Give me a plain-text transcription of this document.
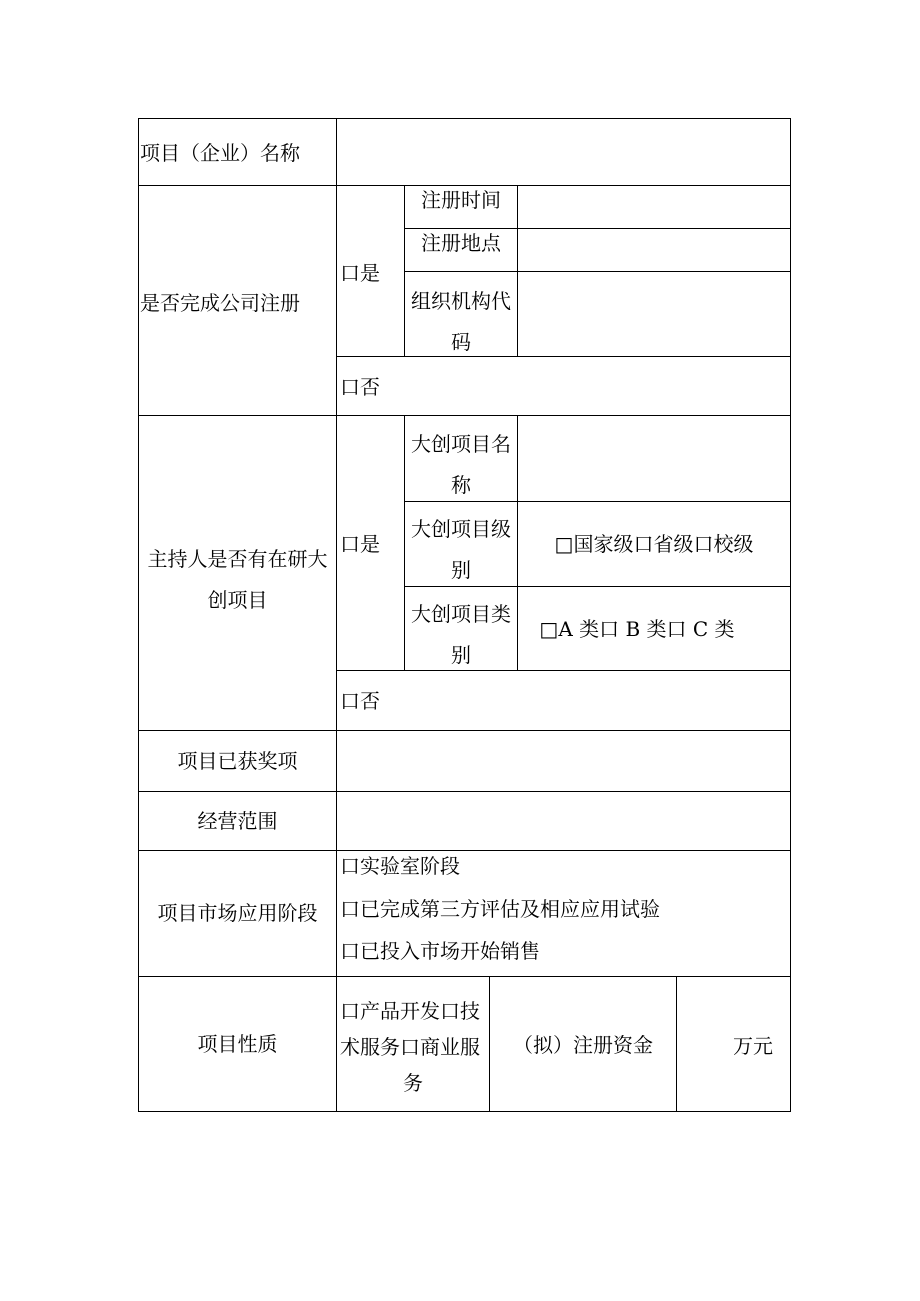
项目（企业）名称
是否完成公司注册
口是
注册时间
注册地点
组织机构代
码
口否
主持人是否有在研大
创项目
口是
大创项目名
称
大创项目级
别
□国家级口省级口校级
大创项目类
别
□A 类口 B 类口 C 类
口否
项目已获奖项
经营范围
项目市场应用阶段
口实验室阶段
口已完成第三方评估及相应应用试验
口已投入市场开始销售
项目性质
口产品开发口技
术服务口商业服
务
（拟）注册资金	万元
